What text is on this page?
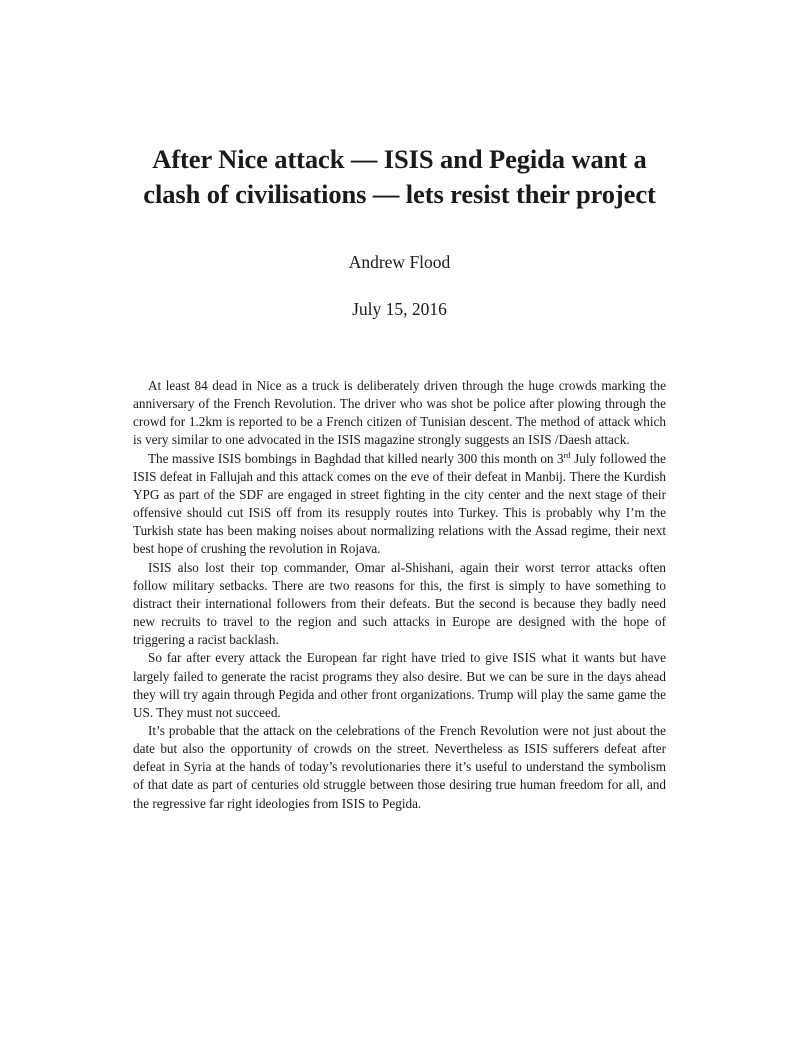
After Nice attack — ISIS and Pegida want a
clash of civilisations — lets resist their project
Andrew Flood
July 15, 2016

At least 84 dead in Nice as a truck is deliberately driven through the huge crowds marking the anniversary of the French Revolution. The driver who was shot be police after plowing through the crowd for 1.2km is reported to be a French citizen of Tunisian descent. The method of attack which is very similar to one advocated in the ISIS magazine strongly suggests an ISIS /Daesh attack.

The massive ISIS bombings in Baghdad that killed nearly 300 this month on 3rd July followed the ISIS defeat in Fallujah and this attack comes on the eve of their defeat in Manbij. There the Kurdish YPG as part of the SDF are engaged in street fighting in the city center and the next stage of their offensive should cut ISiS off from its resupply routes into Turkey. This is probably why I’m the Turkish state has been making noises about normalizing relations with the Assad regime, their next best hope of crushing the revolution in Rojava.

ISIS also lost their top commander, Omar al-Shishani, again their worst terror attacks often follow military setbacks. There are two reasons for this, the first is simply to have something to distract their international followers from their defeats. But the second is because they badly need new recruits to travel to the region and such attacks in Europe are designed with the hope of triggering a racist backlash.

So far after every attack the European far right have tried to give ISIS what it wants but have largely failed to generate the racist programs they also desire. But we can be sure in the days ahead they will try again through Pegida and other front organizations. Trump will play the same game the US. They must not succeed.

It’s probable that the attack on the celebrations of the French Revolution were not just about the date but also the opportunity of crowds on the street. Nevertheless as ISIS sufferers defeat after defeat in Syria at the hands of today’s revolutionaries there it’s useful to understand the symbolism of that date as part of centuries old struggle between those desiring true human freedom for all, and the regressive far right ideologies from ISIS to Pegida.
